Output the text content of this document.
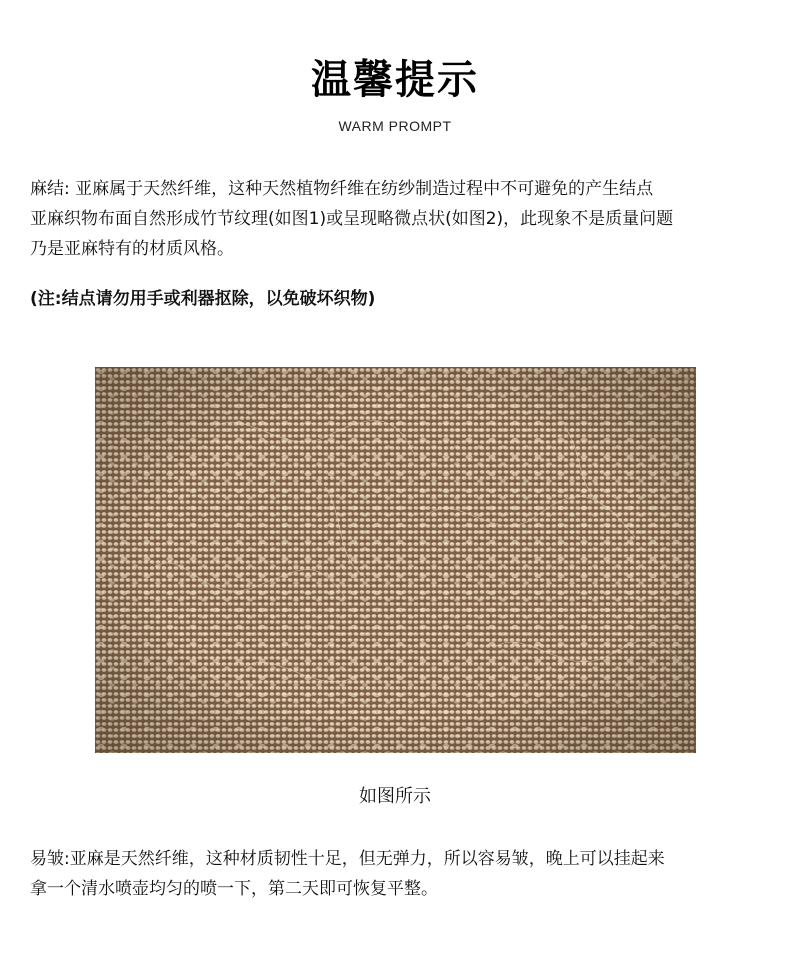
温馨提示
WARM PROMPT
麻结: 亚麻属于天然纤维，这种天然植物纤维在纺纱制造过程中不可避免的产生结点
亚麻织物布面自然形成竹节纹理(如图1)或呈现略微点状(如图2)，此现象不是质量问题
乃是亚麻特有的材质风格。
(注:结点请勿用手或利器抠除，以免破坏织物)
如图所示
易皱:亚麻是天然纤维，这种材质韧性十足，但无弹力，所以容易皱，晚上可以挂起来
拿一个清水喷壶均匀的喷一下，第二天即可恢复平整。
